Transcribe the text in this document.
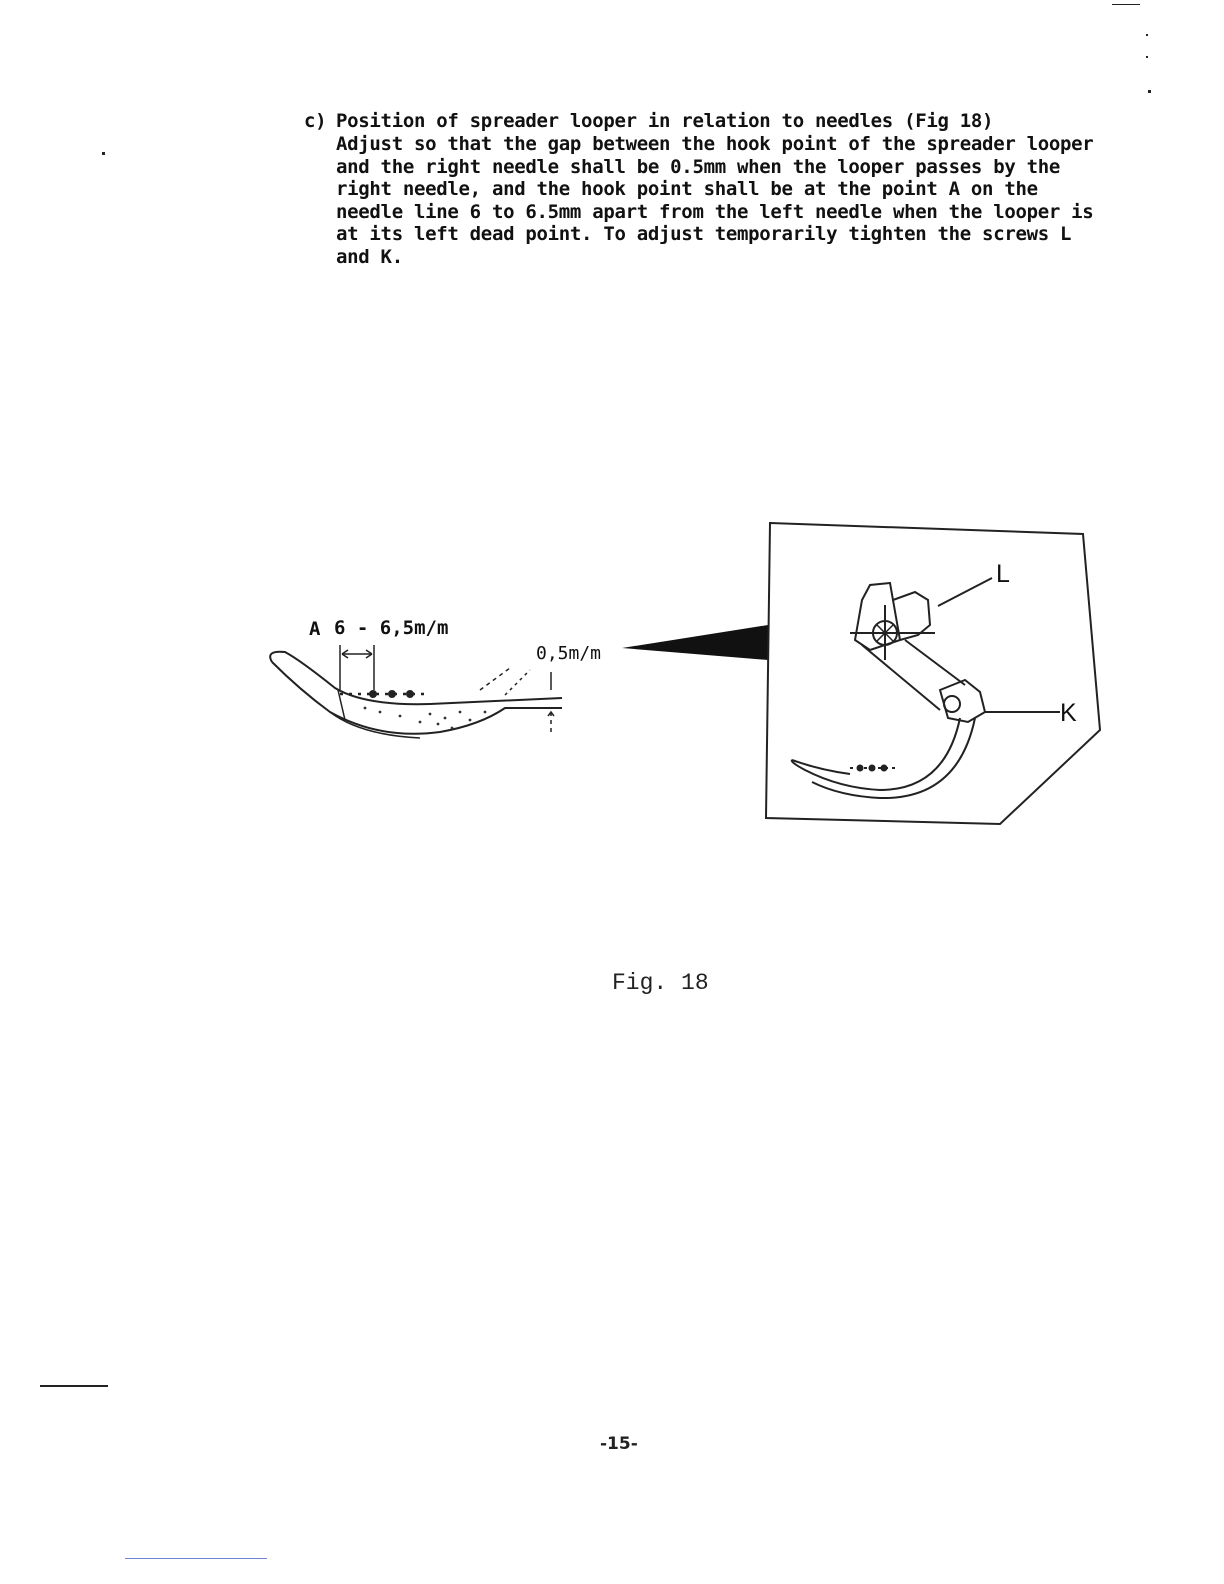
c) Position of spreader looper in relation to needles (Fig 18)
Adjust so that the gap between the hook point of the spreader looper
and the right needle shall be 0.5mm when the looper passes by the
right needle, and the hook point shall be at the point A on the
needle line 6 to 6.5mm apart from the left needle when the looper is
at its left dead point. To adjust temporarily tighten the screws L
and K.
A 6 - 6,5m/m
0,5m/m
L
K
Fig. 18
-15-
